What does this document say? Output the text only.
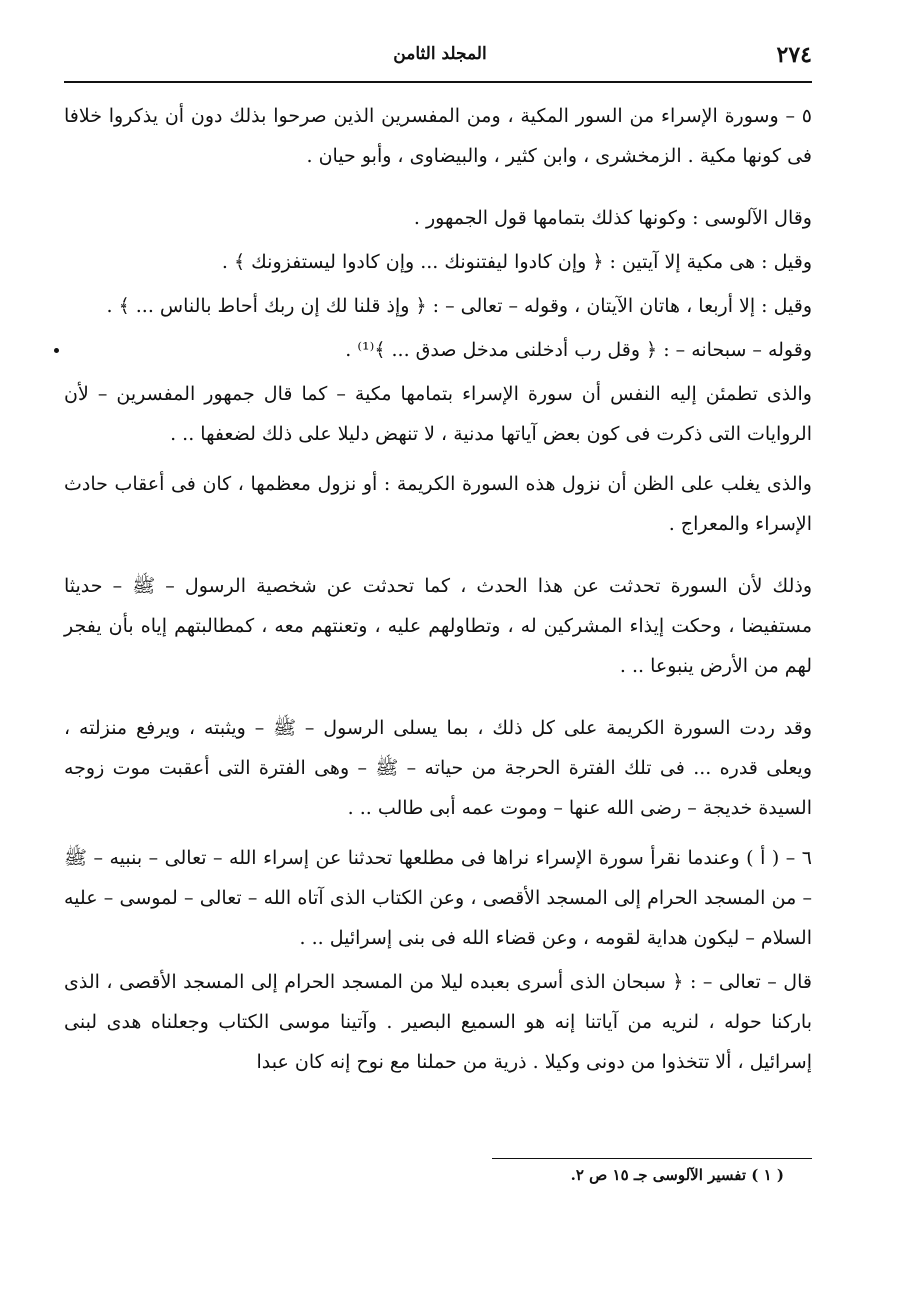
٢٧٤
المجلد الثامن

٥ – وسورة الإسراء من السور المكية ، ومن المفسرين الذين صرحوا بذلك دون أن يذكروا خلافا فى كونها مكية . الزمخشرى ، وابن كثير ، والبيضاوى ، وأبو حيان .

وقال الآلوسى : وكونها كذلك بتمامها قول الجمهور .

وقيل : هى مكية إلا آيتين : ﴿ وإن كادوا ليفتنونك ... وإن كادوا ليستفزونك ﴾ .

وقيل : إلا أربعا ، هاتان الآيتان ، وقوله – تعالى – : ﴿ وإذ قلنا لك إن ربك أحاط بالناس ... ﴾ .

وقوله – سبحانه – : ﴿ وقل رب أدخلنى مدخل صدق ... ﴾⁽¹⁾ .

والذى تطمئن إليه النفس أن سورة الإسراء بتمامها مكية – كما قال جمهور المفسرين – لأن الروايات التى ذكرت فى كون بعض آياتها مدنية ، لا تنهض دليلا على ذلك لضعفها .. .

والذى يغلب على الظن أن نزول هذه السورة الكريمة : أو نزول معظمها ، كان فى أعقاب حادث الإسراء والمعراج .

وذلك لأن السورة تحدثت عن هذا الحدث ، كما تحدثت عن شخصية الرسول – ﷺ – حديثا مستفيضا ، وحكت إيذاء المشركين له ، وتطاولهم عليه ، وتعنتهم معه ، كمطالبتهم إياه بأن يفجر لهم من الأرض ينبوعا .. .

وقد ردت السورة الكريمة على كل ذلك ، بما يسلى الرسول – ﷺ – ويثبته ، ويرفع منزلته ، ويعلى قدره ... فى تلك الفترة الحرجة من حياته – ﷺ – وهى الفترة التى أعقبت موت زوجه السيدة خديجة – رضى الله عنها – وموت عمه أبى طالب .. .

٦ – ( أ ) وعندما نقرأ سورة الإسراء نراها فى مطلعها تحدثنا عن إسراء الله – تعالى – بنبيه – ﷺ – من المسجد الحرام إلى المسجد الأقصى ، وعن الكتاب الذى آتاه الله – تعالى – لموسى – عليه السلام – ليكون هداية لقومه ، وعن قضاء الله فى بنى إسرائيل .. .

قال – تعالى – : ﴿ سبحان الذى أسرى بعبده ليلا من المسجد الحرام إلى المسجد الأقصى ، الذى باركنا حوله ، لنريه من آياتنا إنه هو السميع البصير . وآتينا موسى الكتاب وجعلناه هدى لبنى إسرائيل ، ألا تتخذوا من دونى وكيلا . ذرية من حملنا مع نوح إنه كان عبدا

( ١ ) تفسير الآلوسى جـ ١٥ ص ٢.
